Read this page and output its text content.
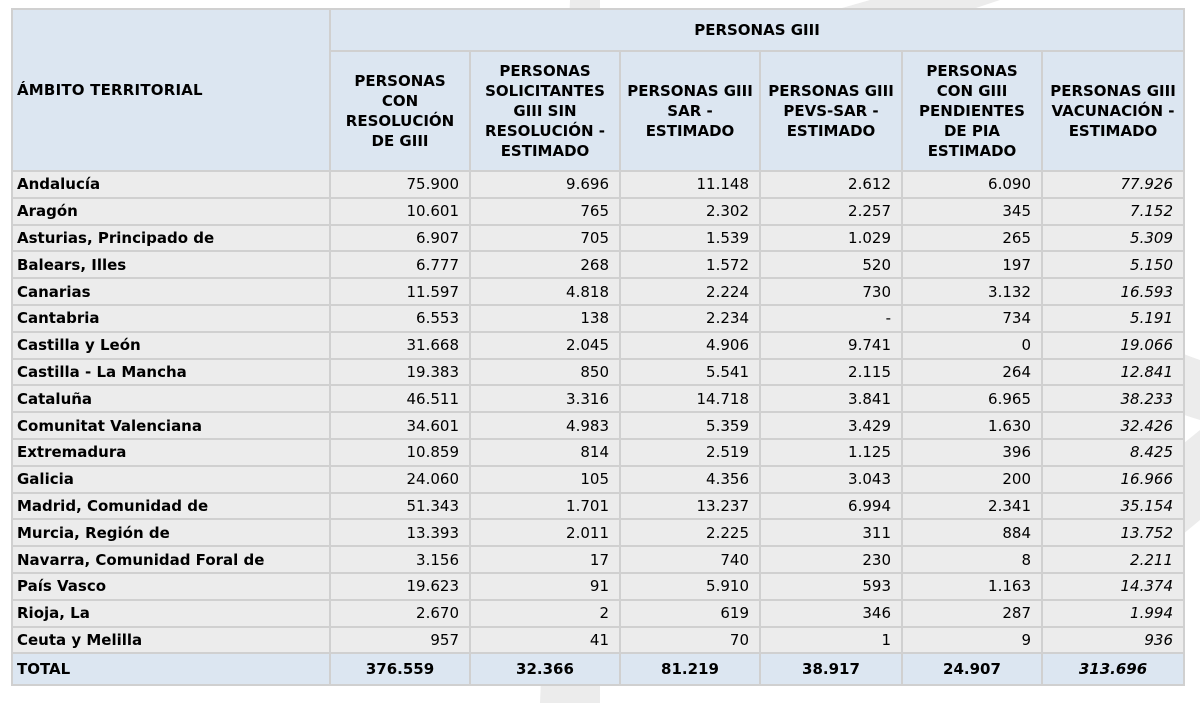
ÁMBITO TERRITORIAL	PERSONAS GIII					
	PERSONAS CON RESOLUCIÓN DE GIII	PERSONAS SOLICITANTES GIII SIN RESOLUCIÓN - ESTIMADO	PERSONAS GIII SAR - ESTIMADO	PERSONAS GIII PEVS-SAR - ESTIMADO	PERSONAS CON GIII PENDIENTES DE PIA ESTIMADO	PERSONAS GIII VACUNACIÓN - ESTIMADO
Andalucía	75.900	9.696	11.148	2.612	6.090	77.926
Aragón	10.601	765	2.302	2.257	345	7.152
Asturias, Principado de	6.907	705	1.539	1.029	265	5.309
Balears, Illes	6.777	268	1.572	520	197	5.150
Canarias	11.597	4.818	2.224	730	3.132	16.593
Cantabria	6.553	138	2.234	-	734	5.191
Castilla y León	31.668	2.045	4.906	9.741	0	19.066
Castilla - La Mancha	19.383	850	5.541	2.115	264	12.841
Cataluña	46.511	3.316	14.718	3.841	6.965	38.233
Comunitat Valenciana	34.601	4.983	5.359	3.429	1.630	32.426
Extremadura	10.859	814	2.519	1.125	396	8.425
Galicia	24.060	105	4.356	3.043	200	16.966
Madrid, Comunidad de	51.343	1.701	13.237	6.994	2.341	35.154
Murcia, Región de	13.393	2.011	2.225	311	884	13.752
Navarra, Comunidad Foral de	3.156	17	740	230	8	2.211
País Vasco	19.623	91	5.910	593	1.163	14.374
Rioja, La	2.670	2	619	346	287	1.994
Ceuta y Melilla	957	41	70	1	9	936
TOTAL	376.559	32.366	81.219	38.917	24.907	313.696
